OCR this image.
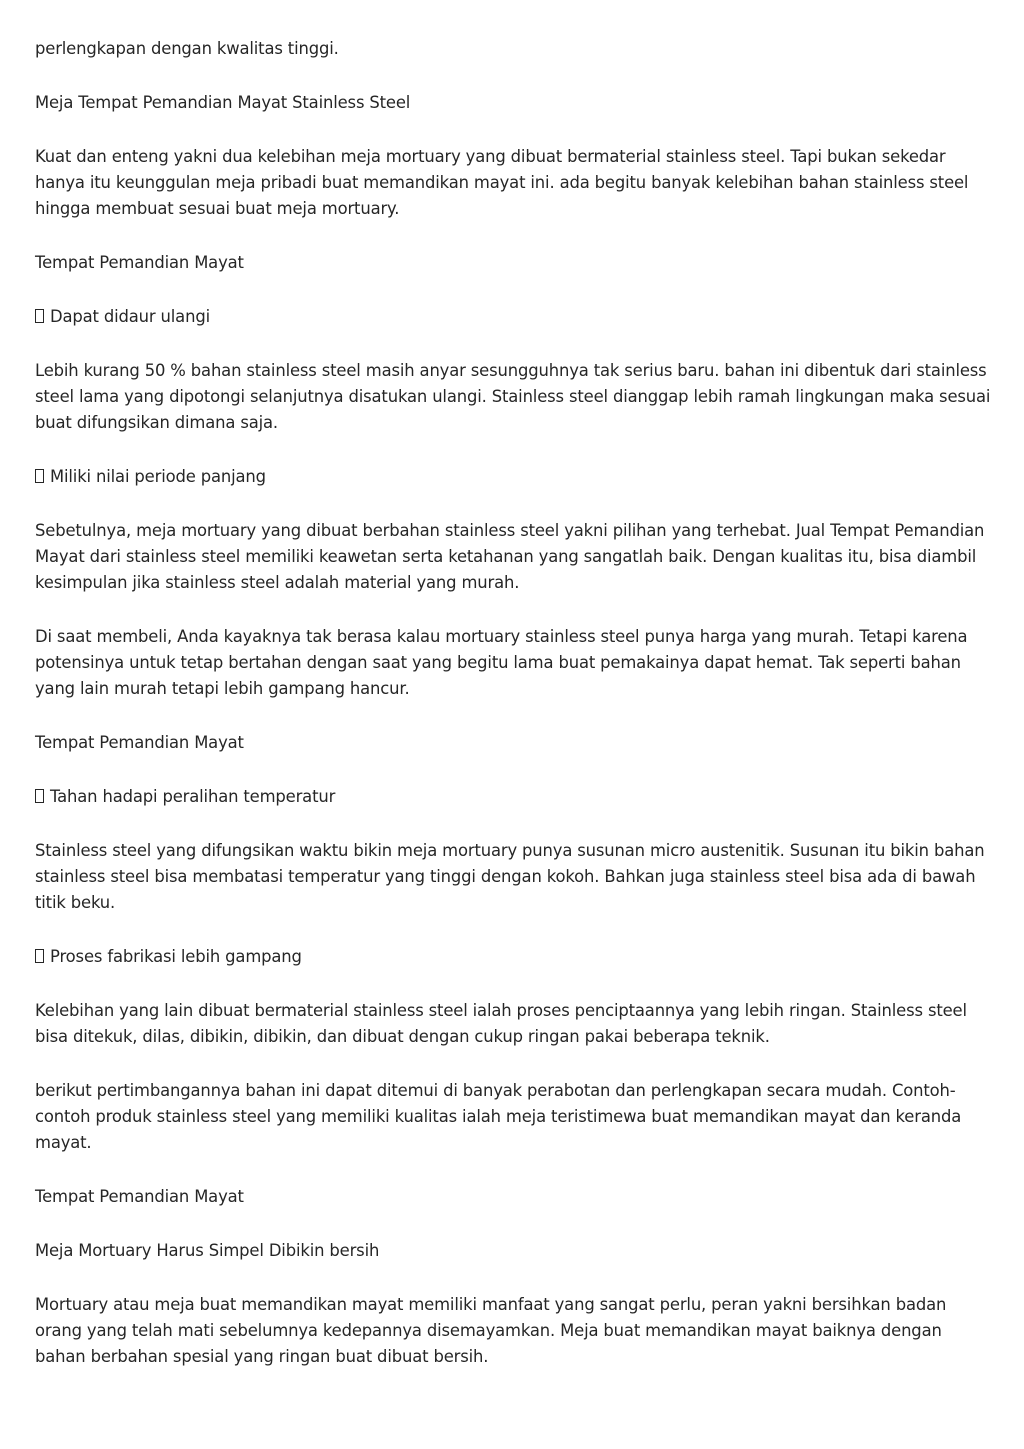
perlengkapan dengan kwalitas tinggi.

Meja Tempat Pemandian Mayat Stainless Steel

Kuat dan enteng yakni dua kelebihan meja mortuary yang dibuat bermaterial stainless steel. Tapi bukan sekedar hanya itu keunggulan meja pribadi buat memandikan mayat ini. ada begitu banyak kelebihan bahan stainless steel hingga membuat sesuai buat meja mortuary.

Tempat Pemandian Mayat

Dapat didaur ulangi

Lebih kurang 50 % bahan stainless steel masih anyar sesungguhnya tak serius baru. bahan ini dibentuk dari stainless steel lama yang dipotongi selanjutnya disatukan ulangi. Stainless steel dianggap lebih ramah lingkungan maka sesuai buat difungsikan dimana saja.

Miliki nilai periode panjang

Sebetulnya, meja mortuary yang dibuat berbahan stainless steel yakni pilihan yang terhebat. Jual Tempat Pemandian Mayat dari stainless steel memiliki keawetan serta ketahanan yang sangatlah baik. Dengan kualitas itu, bisa diambil kesimpulan jika stainless steel adalah material yang murah.

Di saat membeli, Anda kayaknya tak berasa kalau mortuary stainless steel punya harga yang murah. Tetapi karena potensinya untuk tetap bertahan dengan saat yang begitu lama buat pemakainya dapat hemat. Tak seperti bahan yang lain murah tetapi lebih gampang hancur.

Tempat Pemandian Mayat

Tahan hadapi peralihan temperatur

Stainless steel yang difungsikan waktu bikin meja mortuary punya susunan micro austenitik. Susunan itu bikin bahan stainless steel bisa membatasi temperatur yang tinggi dengan kokoh. Bahkan juga stainless steel bisa ada di bawah titik beku.

Proses fabrikasi lebih gampang

Kelebihan yang lain dibuat bermaterial stainless steel ialah proses penciptaannya yang lebih ringan. Stainless steel bisa ditekuk, dilas, dibikin, dibikin, dan dibuat dengan cukup ringan pakai beberapa teknik.

berikut pertimbangannya bahan ini dapat ditemui di banyak perabotan dan perlengkapan secara mudah. Contoh-contoh produk stainless steel yang memiliki kualitas ialah meja teristimewa buat memandikan mayat dan keranda mayat.

Tempat Pemandian Mayat

Meja Mortuary Harus Simpel Dibikin bersih

Mortuary atau meja buat memandikan mayat memiliki manfaat yang sangat perlu, peran yakni bersihkan badan orang yang telah mati sebelumnya kedepannya disemayamkan. Meja buat memandikan mayat baiknya dengan bahan berbahan spesial yang ringan buat dibuat bersih.
